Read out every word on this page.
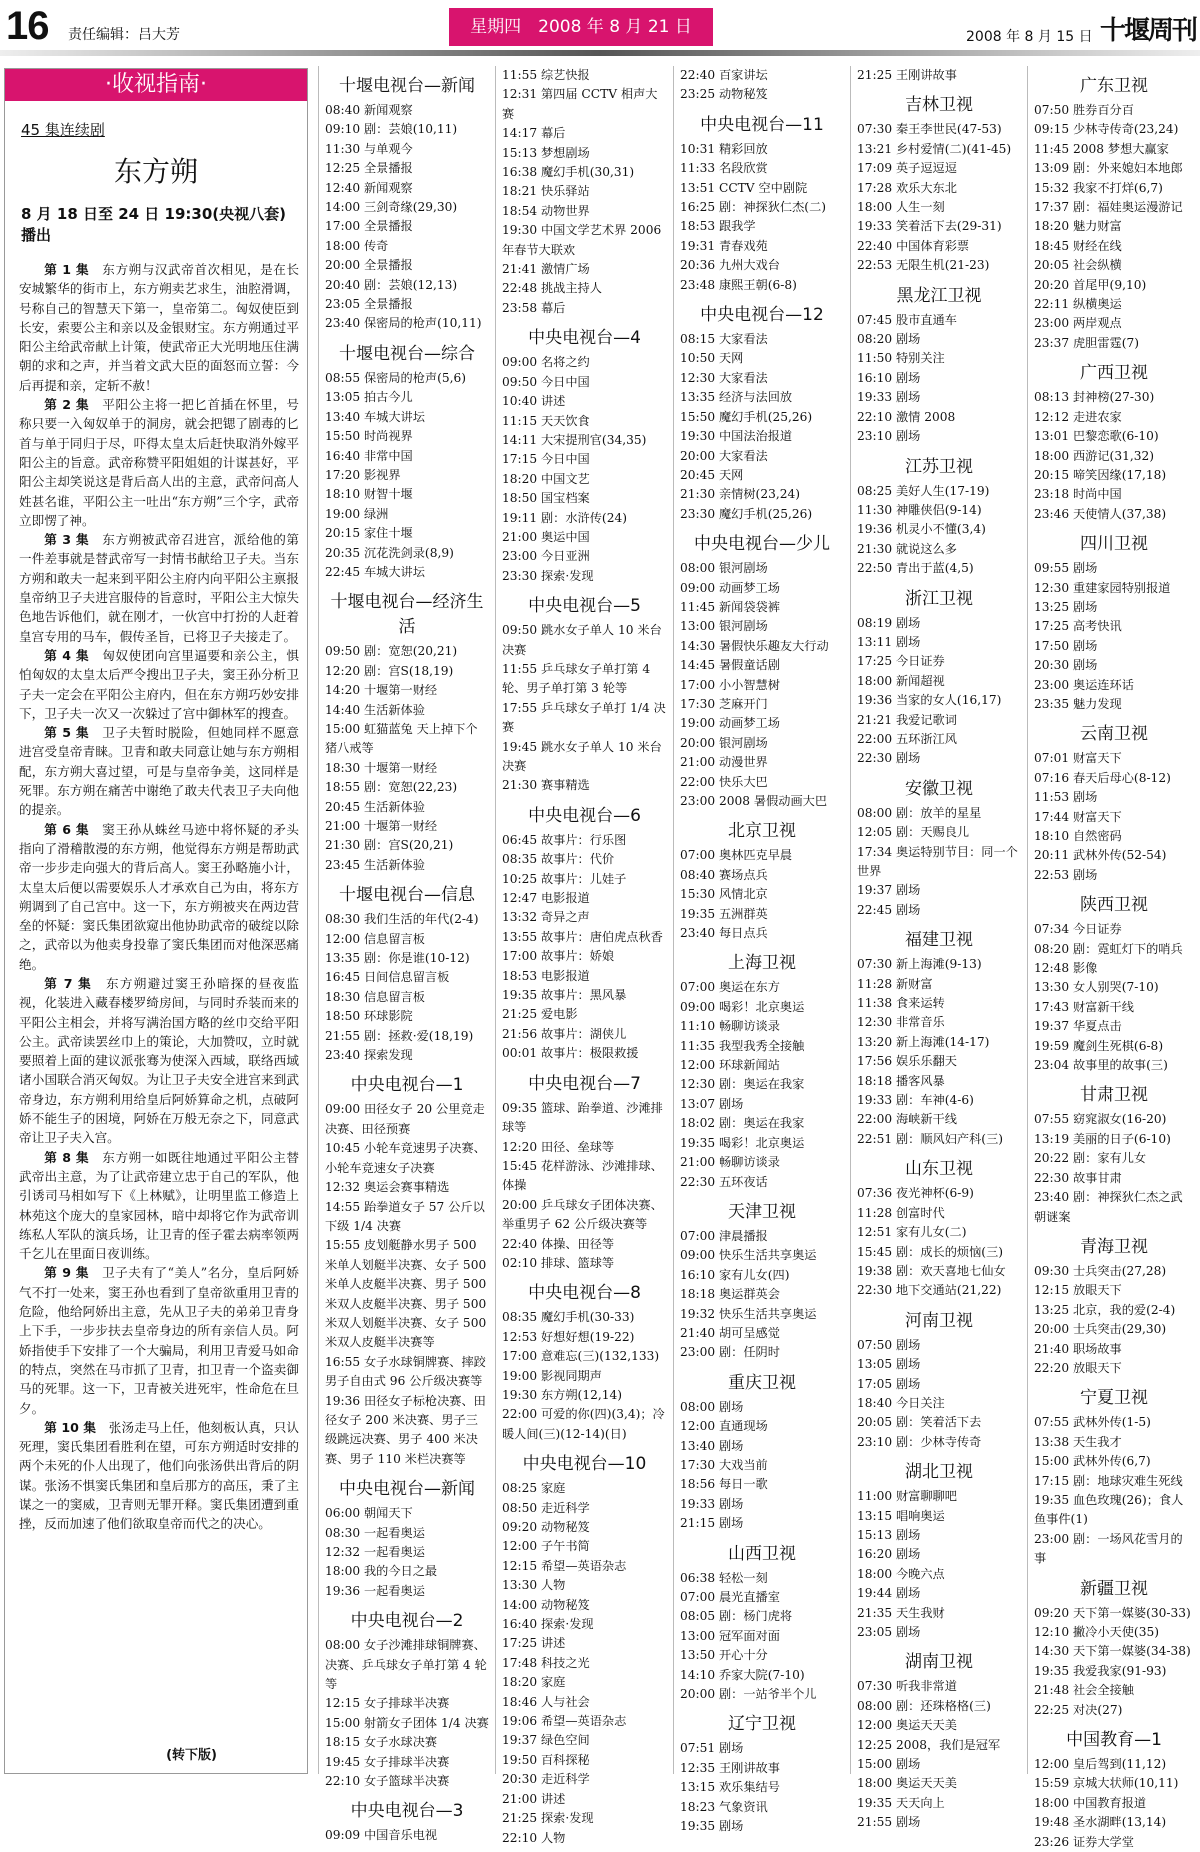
16 责任编辑：吕大芳	星期四　2008 年 8 月 21 日	2008 年 8 月 15 日 十堰周刊
·收视指南·
45 集连续剧
东方朔
8 月 18 日至 24 日 19:30(央视八套)播出

第 1 集　 东方朔与汉武帝首次相见，是在长安城繁华的街市上，东方朔卖艺求生，油腔滑调，号称自己的智慧天下第一，皇帝第二。匈奴使臣到长安，索要公主和亲以及金银财宝。东方朔通过平阳公主给武帝献上计策，使武帝正大光明地压住满朝的求和之声，并当着文武大臣的面怒而立誓：今后再提和亲，定斩不赦！

第 2 集　 平阳公主将一把匕首插在怀里，号称只要一入匈奴单于的洞房，就会把锶了剧毒的匕首与单于同归于尽，吓得太皇太后赶快取消外嫁平阳公主的旨意。武帝称赞平阳姐姐的计谋甚好，平阳公主却笑说这是背后高人出的主意，武帝问高人姓甚名谁，平阳公主一吐出“东方朔”三个字，武帝立即愣了神。

第 3 集　 东方朔被武帝召进宫，派给他的第一件差事就是替武帝写一封情书献给卫子夫。当东方朔和敢夫一起来到平阳公主府内向平阳公主禀报皇帝纳卫子夫进宫服侍的旨意时，平阳公主大惊失色地告诉他们，就在刚才，一伙宫中打扮的人赶着皇宫专用的马车，假传圣旨，已将卫子夫接走了。

第 4 集　 匈奴使团向宫里逼要和亲公主，惧怕匈奴的太皇太后严令搜出卫子夫，窦王孙分析卫子夫一定会在平阳公主府内，但在东方朔巧妙安排下，卫子夫一次又一次躲过了宫中御林军的搜查。

第 5 集　 卫子夫暂时脱险，但她同样不愿意进宫受皇帝青睐。卫青和敢夫同意让她与东方朔相配，东方朔大喜过望，可是与皇帝争美，这同样是死罪。东方朔在痛苦中谢绝了敢夫代表卫子夫向他的提亲。

第 6 集　 窦王孙从蛛丝马迹中将怀疑的矛头指向了滑稽散漫的东方朔，他觉得东方朔是帮助武帝一步步走向强大的背后高人。窦王孙略施小计，太皇太后便以需要娱乐人才承欢自己为由，将东方朔调到了自己宫中。这一下，东方朔被夹在两边营垒的怀疑：窦氏集团欲窥出他协助武帝的破绽以除之，武帝以为他卖身投靠了窦氏集团而对他深恶痛绝。

第 7 集　 东方朔避过窦王孙暗探的昼夜监视，化装进入藏春楼罗绮房间，与同时乔装而来的平阳公主相会，并将写满治国方略的丝巾交给平阳公主。武帝读罢丝巾上的策论，大加赞叹，立时就要照着上面的建议派张骞为使深入西域，联络西域诸小国联合消灭匈奴。为让卫子夫安全进宫来到武帝身边，东方朔利用给皇后阿娇算命之机，点破阿娇不能生子的困境，阿娇在万般无奈之下，同意武帝让卫子夫入宫。

第 8 集　 东方朔一如既往地通过平阳公主替武帝出主意，为了让武帝建立忠于自己的军队，他引诱司马相如写下《上林赋》，让明里监工修造上林苑这个庞大的皇家园林，暗中却将它作为武帝训练私人军队的演兵场，让卫青的侄子霍去病率领两千乞儿在里面日夜训练。

第 9 集　 卫子夫有了“美人”名分，皇后阿娇气不打一处来，窦王孙也看到了皇帝欲重用卫青的危险，他给阿娇出主意，先从卫子夫的弟弟卫青身上下手，一步步扶去皇帝身边的所有亲信人员。阿娇指使手下安排了一个大骗局，利用卫青爱马如命的特点，突然在马市抓了卫青，扣卫青一个盗卖御马的死罪。这一下，卫青被关进死牢，性命危在旦夕。

第 10 集　 张汤走马上任，他刻板认真，只认死理，窦氏集团看胜利在望，可东方朔适时安排的两个未死的仆人出现了，他们向张汤供出背后的阴谋。张汤不惧窦氏集团和皇后那方的高压，秉了主谋之一的窦威，卫青则无罪开释。窦氏集团遭到重挫，反而加速了他们欲取皇帝而代之的决心。

(转下版)
十堰电视台—新闻
08:40 新闻观察
09:10 剧：芸娘(10,11)
11:30 与单观今
12:25 全景播报
12:40 新闻观察
14:00 三剑奇缘(29,30)
17:00 全景播报
18:00 传奇
20:00 全景播报
20:40 剧：芸娘(12,13)
23:05 全景播报
23:40 保密局的枪声(10,11)
十堰电视台—综合
08:55 保密局的枪声(5,6)
13:05 拍古今儿
13:40 车城大讲坛
15:50 时尚视界
16:40 非常中国
17:20 影视界
18:10 财智十堰
19:00 绿洲
20:15 家住十堰
20:35 沉花洗剑录(8,9)
22:45 车城大讲坛
十堰电视台—经济生活
09:50 剧：宽恕(20,21)
12:20 剧：宫S(18,19)
14:20 十堰第一财经
14:40 生活新体验
15:00 虹猫蓝兔 天上掉下个猪八戒等
18:30 十堰第一财经
18:55 剧：宽恕(22,23)
20:45 生活新体验
21:00 十堰第一财经
21:30 剧：宫S(20,21)
23:45 生活新体验
十堰电视台—信息
08:30 我们生活的年代(2-4)
12:00 信息留言板
13:35 剧：你是谁(10-12)
16:45 日间信息留言板
18:30 信息留言板
18:50 环球影院
21:55 剧：拯救·爱(18,19)
23:40 探索发现
中央电视台—1
09:00 田径女子 20 公里竞走决赛、田径预赛
10:45 小轮车竞速男子决赛、小轮车竞速女子决赛
12:32 奥运会赛事精选
14:55 跆拳道女子 57 公斤以下级 1/4 决赛
15:55 皮划艇静水男子 500 米单人划艇半决赛、女子 500 米单人皮艇半决赛、男子 500 米双人皮艇半决赛、男子 500 米双人划艇半决赛、女子 500 米双人皮艇半决赛等
16:55 女子水球铜牌赛、摔跤男子自由式 96 公斤级决赛等
19:36 田径女子标枪决赛、田径女子 200 米决赛、男子三级跳远决赛、男子 400 米决赛、男子 110 米栏决赛等
中央电视台—新闻
06:00 朝闻天下
08:30 一起看奥运
12:32 一起看奥运
18:00 我的今日之最
19:36 一起看奥运
中央电视台—2
08:00 女子沙滩排球铜牌赛、决赛、乒乓球女子单打第 4 轮等
12:15 女子排球半决赛
15:00 射箭女子团体 1/4 决赛
18:15 女子水球决赛
19:45 女子排球半决赛
22:10 女子篮球半决赛
中央电视台—3
09:09 中国音乐电视
11:55 综艺快报
12:31 第四届 CCTV 相声大赛
14:17 幕后
15:13 梦想剧场
16:38 魔幻手机(30,31)
18:21 快乐驿站
18:54 动物世界
19:30 中国文学艺术界 2006 年春节大联欢
21:41 激情广场
22:48 挑战主持人
23:58 幕后
中央电视台—4
09:00 名将之约
09:50 今日中国
10:40 讲述
11:15 天天饮食
14:11 大宋提刑官(34,35)
17:15 今日中国
18:20 中国文艺
18:50 国宝档案
19:11 剧：水浒传(24)
21:00 奥运中国
23:00 今日亚洲
23:30 探索·发现
中央电视台—5
09:50 跳水女子单人 10 米台决赛
11:55 乒乓球女子单打第 4 轮、男子单打第 3 轮等
17:55 乒乓球女子单打 1/4 决赛
19:45 跳水女子单人 10 米台决赛
21:30 赛事精选
中央电视台—6
06:45 故事片：行乐图
08:35 故事片：代价
10:25 故事片：儿娃子
12:47 电影报道
13:32 奇异之声
13:55 故事片：唐伯虎点秋香
17:00 故事片：娇娘
18:53 电影报道
19:35 故事片：黑风暴
21:25 爱电影
21:56 故事片：湖侠儿
00:01 故事片：极限救援
中央电视台—7
09:35 篮球、跆拳道、沙滩排球等
12:20 田径、垒球等
15:45 花样游泳、沙滩排球、体操
20:00 乒乓球女子团体决赛、举重男子 62 公斤级决赛等
22:40 体操、田径等
02:10 排球、篮球等
中央电视台—8
08:35 魔幻手机(30-33)
12:53 好想好想(19-22)
17:00 意难忘(三)(132,133)
19:00 影视同期声
19:30 东方朔(12,14)
22:00 可爱的你(四)(3,4)；冷暖人间(三)(12-14)(日)
中央电视台—10
08:25 家庭
08:50 走近科学
09:20 动物秘笈
12:00 子午书简
12:15 希望—英语杂志
13:30 人物
14:00 动物秘笈
16:40 探索·发现
17:25 讲述
17:48 科技之光
18:20 家庭
18:46 人与社会
19:06 希望—英语杂志
19:37 绿色空间
19:50 百科探秘
20:30 走近科学
21:00 讲述
21:25 探索·发现
22:10 人物
22:40 百家讲坛
23:25 动物秘笈
中央电视台—11
10:31 精彩回放
11:33 名段欣赏
13:51 CCTV 空中剧院
16:25 剧：神探狄仁杰(二)
18:53 跟我学
19:31 青春戏苑
20:36 九州大戏台
23:48 康熙王朝(6-8)
中央电视台—12
08:15 大家看法
10:50 天网
12:30 大家看法
13:35 经济与法回放
15:50 魔幻手机(25,26)
19:30 中国法治报道
20:00 大家看法
20:45 天网
21:30 亲情树(23,24)
23:30 魔幻手机(25,26)
中央电视台—少儿
08:00 银河剧场
09:00 动画梦工场
11:45 新闻袋袋裤
13:00 银河剧场
14:30 暑假快乐趣友大行动
14:45 暑假童话剧
17:00 小小智慧树
17:30 芝麻开门
19:00 动画梦工场
20:00 银河剧场
21:00 动漫世界
22:00 快乐大巴
23:00 2008 暑假动画大巴
北京卫视
07:00 奥林匹克早晨
08:40 赛场点兵
15:30 风情北京
19:35 五洲群英
23:40 每日点兵
上海卫视
07:00 奥运在东方
09:00 喝彩！北京奥运
11:10 畅聊访谈录
11:35 我型我秀全接触
12:00 环球新闻站
12:30 剧：奥运在我家
13:07 剧场
18:02 剧：奥运在我家
19:35 喝彩！北京奥运
21:00 畅聊访谈录
22:30 五环夜话
天津卫视
07:00 津晨播报
09:00 快乐生活共享奥运
16:10 家有儿女(四)
18:18 奥运群英会
19:32 快乐生活共享奥运
21:40 胡可呈感觉
23:00 剧：任阴时
重庆卫视
08:00 剧场
12:00 直通现场
13:40 剧场
17:30 大戏当前
18:56 每日一歌
19:33 剧场
21:15 剧场
山西卫视
06:38 轻松一刻
07:00 晨光直播室
08:05 剧：杨门虎将
13:00 冠军面对面
13:50 开心十分
14:10 乔家大院(7-10)
20:00 剧：一站爷半个儿
辽宁卫视
07:51 剧场
12:35 王刚讲故事
13:15 欢乐集结号
18:23 气象资讯
19:35 剧场
21:25 王刚讲故事
吉林卫视
07:30 秦王李世民(47-53)
13:21 乡村爱情(二)(41-45)
17:09 英子逗逗逗
17:28 欢乐大东北
18:00 人生一刻
19:33 笑着活下去(29-31)
22:40 中国体育彩票
22:53 无限生机(21-23)
黑龙江卫视
07:45 股市直通车
08:20 剧场
11:50 特别关注
16:10 剧场
19:33 剧场
22:10 激情 2008
23:10 剧场
江苏卫视
08:25 美好人生(17-19)
11:30 神雕侠侣(9-14)
19:36 机灵小不懂(3,4)
21:30 就说这么多
22:50 青出于蓝(4,5)
浙江卫视
08:19 剧场
13:11 剧场
17:25 今日证券
18:00 新闻超视
19:36 当家的女人(16,17)
21:21 我爱记歌词
22:00 五环浙江风
22:30 剧场
安徽卫视
08:00 剧：放羊的星星
12:05 剧：天赐良儿
17:34 奥运特别节目：同一个世界
19:37 剧场
22:45 剧场
福建卫视
07:30 新上海滩(9-13)
11:28 新财富
11:38 食来运转
12:30 非常音乐
13:20 新上海滩(14-17)
17:56 娱乐乐翻天
18:18 播客风暴
19:33 剧：车神(4-6)
22:00 海峡新干线
22:51 剧：顺风妇产科(三)
山东卫视
07:36 夜光神杯(6-9)
11:28 创富时代
12:51 家有儿女(二)
15:45 剧：成长的烦恼(三)
19:38 剧：欢天喜地七仙女
22:30 地下交通站(21,22)
河南卫视
07:50 剧场
13:05 剧场
17:05 剧场
18:40 今日关注
20:05 剧：笑着活下去
23:10 剧：少林寺传奇
湖北卫视
11:00 财富聊聊吧
13:15 唱响奥运
15:13 剧场
16:20 剧场
18:00 今晚六点
19:44 剧场
21:35 天生我财
23:05 剧场
湖南卫视
07:30 听我非常道
08:00 剧：还珠格格(三)
12:00 奥运天天美
12:25 2008，我们是冠军
15:00 剧场
18:00 奥运天天美
19:35 天天向上
21:55 剧场
广东卫视
07:50 胜券百分百
09:15 少林寺传奇(23,24)
11:45 2008 梦想大赢家
13:09 剧：外来媳妇本地郎
15:32 我家不打烊(6,7)
17:37 剧：福娃奥运漫游记
18:20 魅力财富
18:45 财经在线
20:05 社会纵横
20:20 首尾甲(9,10)
22:11 纵横奥运
23:00 两岸观点
23:37 虎胆雷霆(7)
广西卫视
08:13 封神榜(27-30)
12:12 走进农家
13:01 巴黎恋歌(6-10)
18:00 西游记(31,32)
20:15 啼笑因缘(17,18)
23:18 时尚中国
23:46 天使情人(37,38)
四川卫视
09:55 剧场
12:30 重建家园特别报道
13:25 剧场
17:25 高考快讯
17:50 剧场
20:30 剧场
23:00 奥运连环话
23:35 魅力发现
云南卫视
07:01 财富天下
07:16 春天后母心(8-12)
11:53 剧场
17:44 财富天下
18:10 自然密码
20:11 武林外传(52-54)
22:53 剧场
陕西卫视
07:34 今日证券
08:20 剧：霓虹灯下的哨兵
12:48 影像
13:30 女人别哭(7-10)
17:43 财富新干线
19:37 华夏点击
19:59 魔剑生死棋(6-8)
23:04 故事里的故事(三)
甘肃卫视
07:55 窈窕淑女(16-20)
13:19 美丽的日子(6-10)
20:22 剧：家有儿女
22:30 故事甘肃
23:40 剧：神探狄仁杰之武朝谜案
青海卫视
09:30 士兵突击(27,28)
12:15 放眼天下
13:25 北京，我的爱(2-4)
20:00 士兵突击(29,30)
21:40 职场故事
22:20 放眼天下
宁夏卫视
07:55 武林外传(1-5)
13:38 天生我才
15:00 武林外传(6,7)
17:15 剧：地球灾难生死线
19:35 血色玫瑰(26)；食人鱼事件(1)
23:00 剧：一场风花雪月的事
新疆卫视
09:20 天下第一媒婆(30-33)
12:10 撇冷小天使(35)
14:30 天下第一媒婆(34-38)
19:35 我爱我家(91-93)
21:48 社会全接触
22:25 对决(27)
中国教育—1
12:00 皇后驾到(11,12)
15:59 京城大状师(10,11)
18:00 中国教育报道
19:48 圣水湖畔(13,14)
23:26 证券大学堂
